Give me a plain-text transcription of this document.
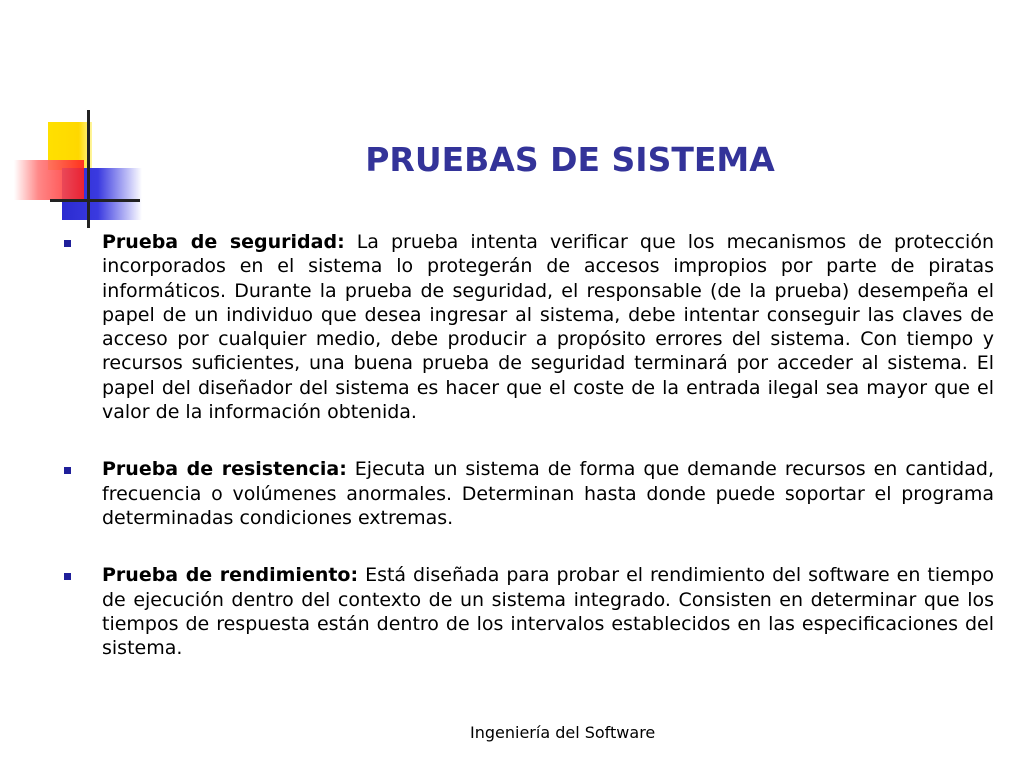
PRUEBAS DE SISTEMA

Prueba de seguridad: La prueba intenta verificar que los mecanismos de protección incorporados en el sistema lo protegerán de accesos impropios por parte de piratas informáticos. Durante la prueba de seguridad, el responsable (de la prueba) desempeña el papel de un individuo que desea ingresar al sistema, debe intentar conseguir las claves de acceso por cualquier medio, debe producir a propósito errores del sistema. Con tiempo y recursos suficientes, una buena prueba de seguridad terminará por acceder al sistema. El papel del diseñador del sistema es hacer que el coste de la entrada ilegal sea mayor que el valor de la información obtenida.

Prueba de resistencia: Ejecuta un sistema de forma que demande recursos en cantidad, frecuencia o volúmenes anormales. Determinan hasta donde puede soportar el programa determinadas condiciones extremas.

Prueba de rendimiento: Está diseñada para probar el rendimiento del software en tiempo de ejecución dentro del contexto de un sistema integrado. Consisten en determinar que los tiempos de respuesta están dentro de los intervalos establecidos en las especificaciones del sistema.

Ingeniería del Software
